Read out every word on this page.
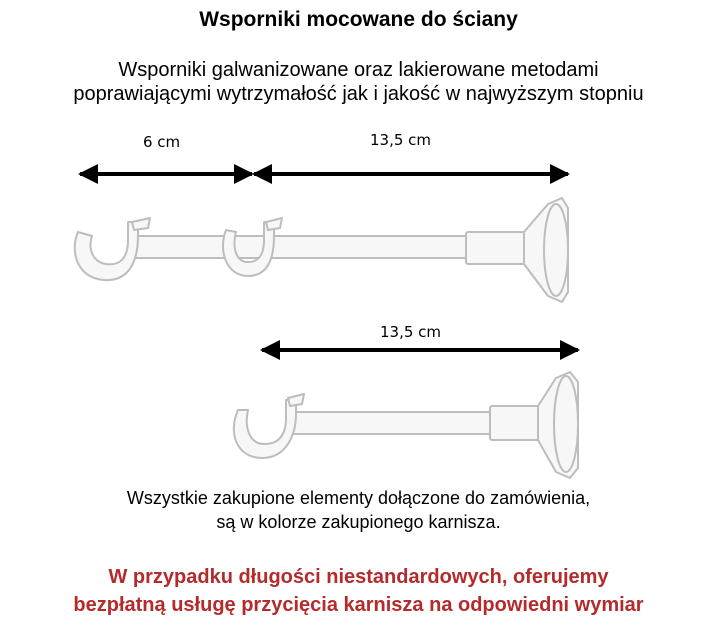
Wsporniki mocowane do ściany
Wsporniki galwanizowane oraz lakierowane metodami
poprawiającymi wytrzymałość jak i jakość w najwyższym stopniu
6 cm	13,5 cm
13,5 cm
Wszystkie zakupione elementy dołączone do zamówienia,
są w kolorze zakupionego karnisza.
W przypadku długości niestandardowych, oferujemy
bezpłatną usługę przycięcia karnisza na odpowiedni wymiar
